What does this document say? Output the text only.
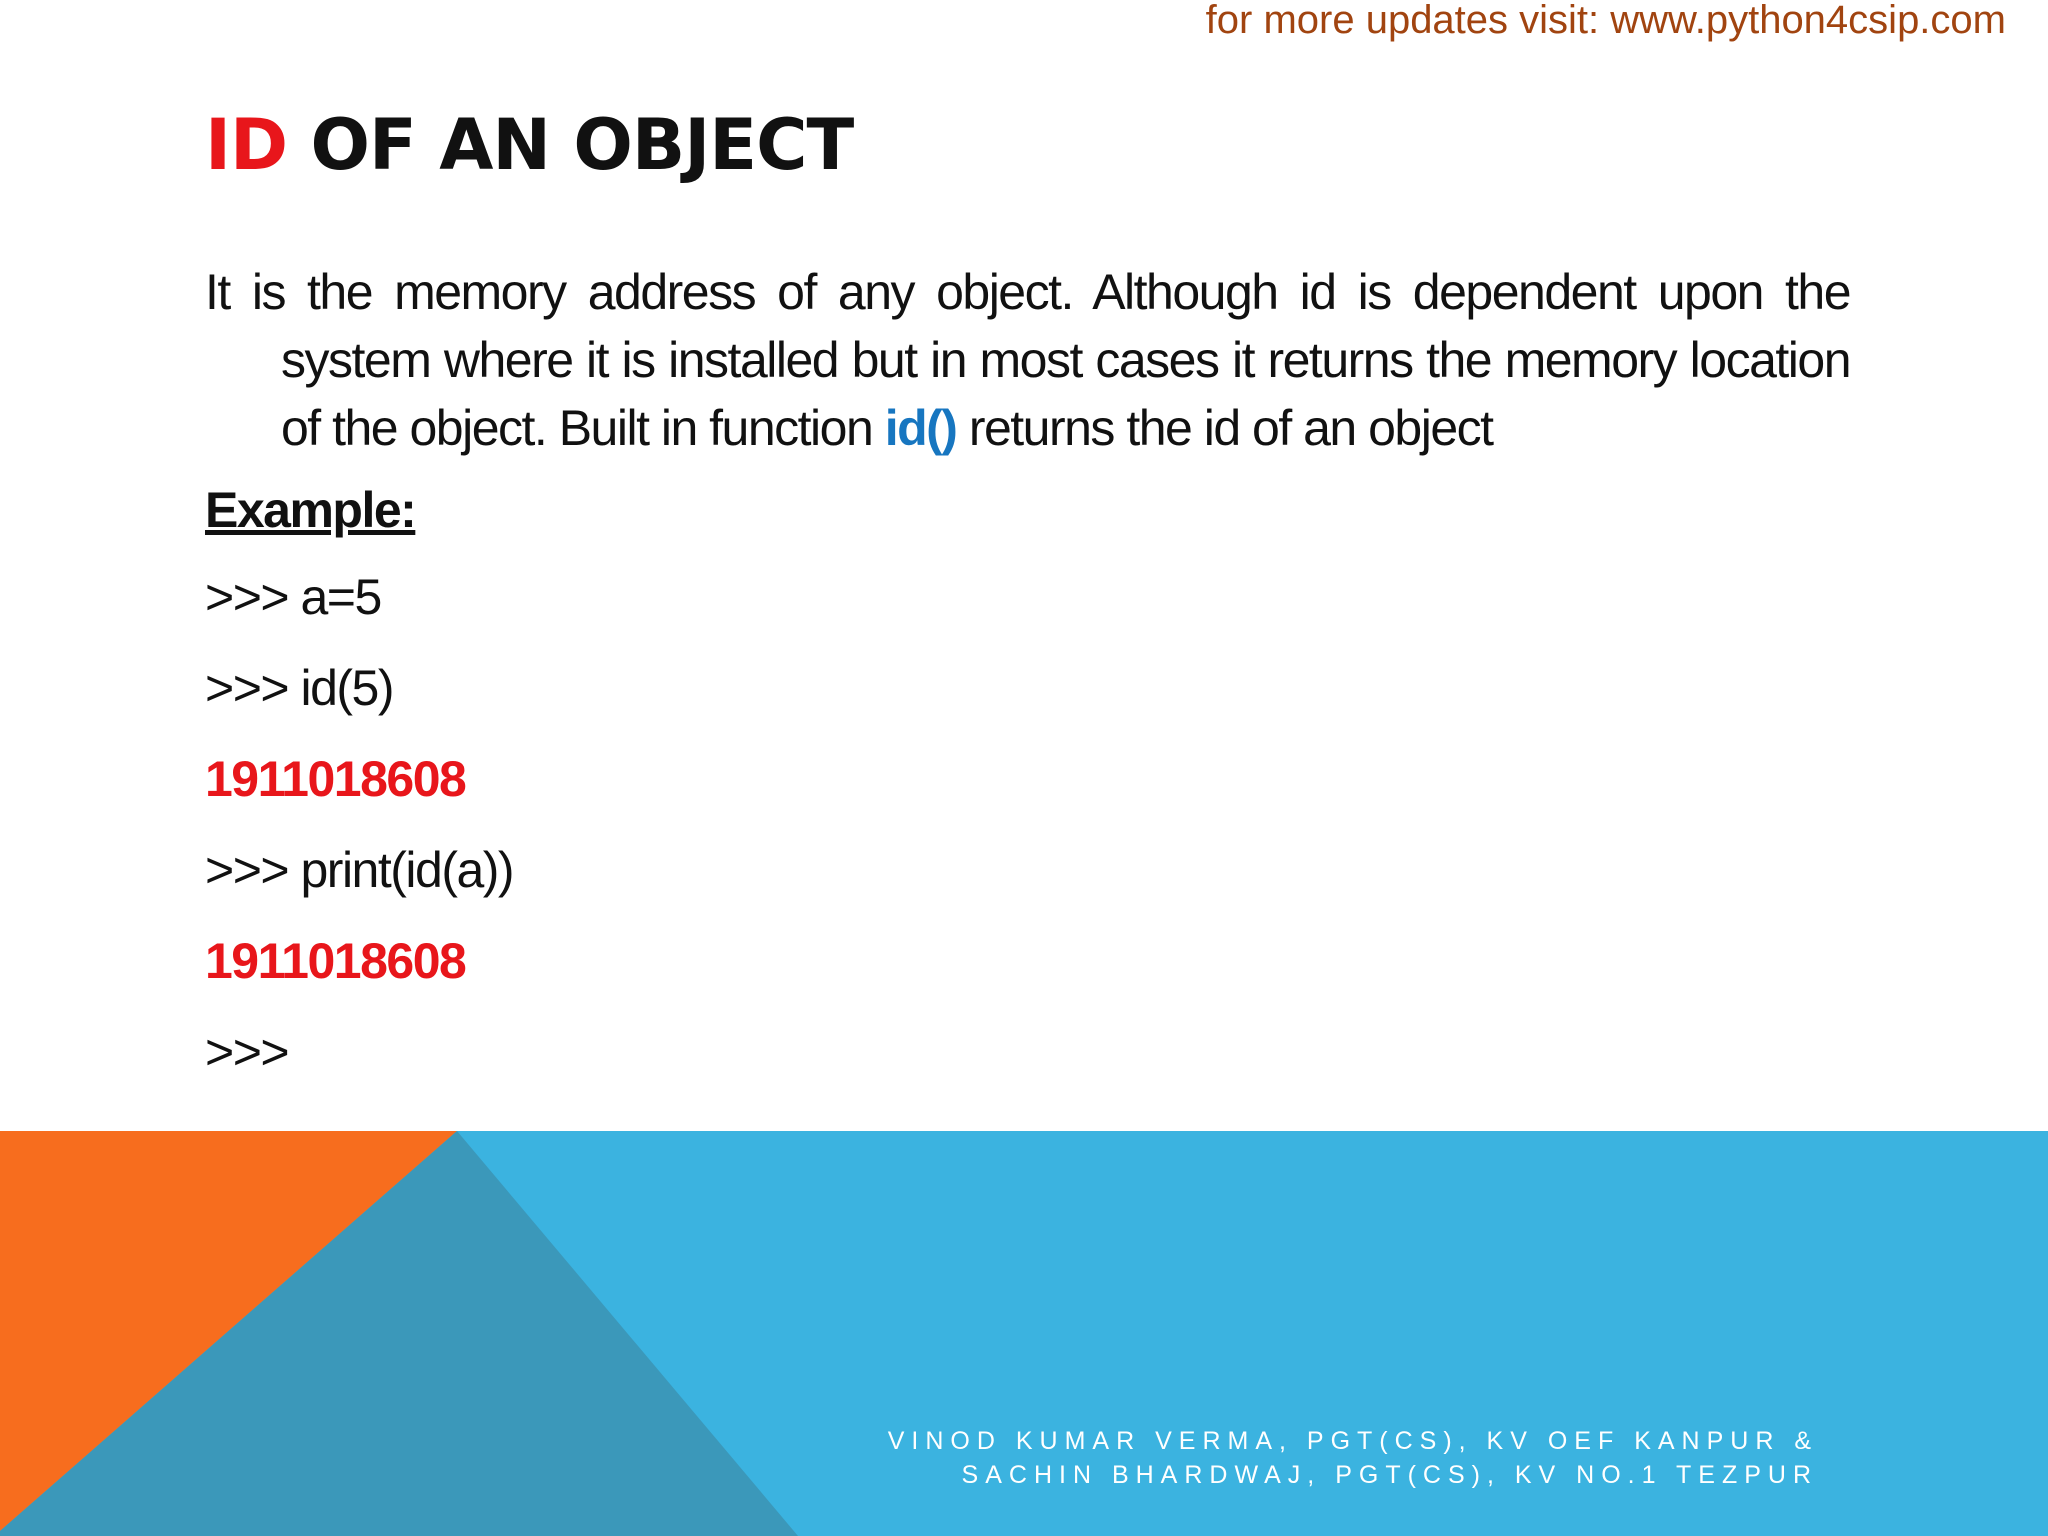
for more updates visit: www.python4csip.com
ID OF AN OBJECT

It is the memory address of any object. Although id is dependent upon the system where it is installed but in most cases it returns the memory location of the object. Built in function id() returns the id of an object

Example:
>>> a=5
>>> id(5)
1911018608
>>> print(id(a))
1911018608
>>>
VINOD KUMAR VERMA, PGT(CS), KV OEF KANPUR &
SACHIN BHARDWAJ, PGT(CS), KV NO.1 TEZPUR
